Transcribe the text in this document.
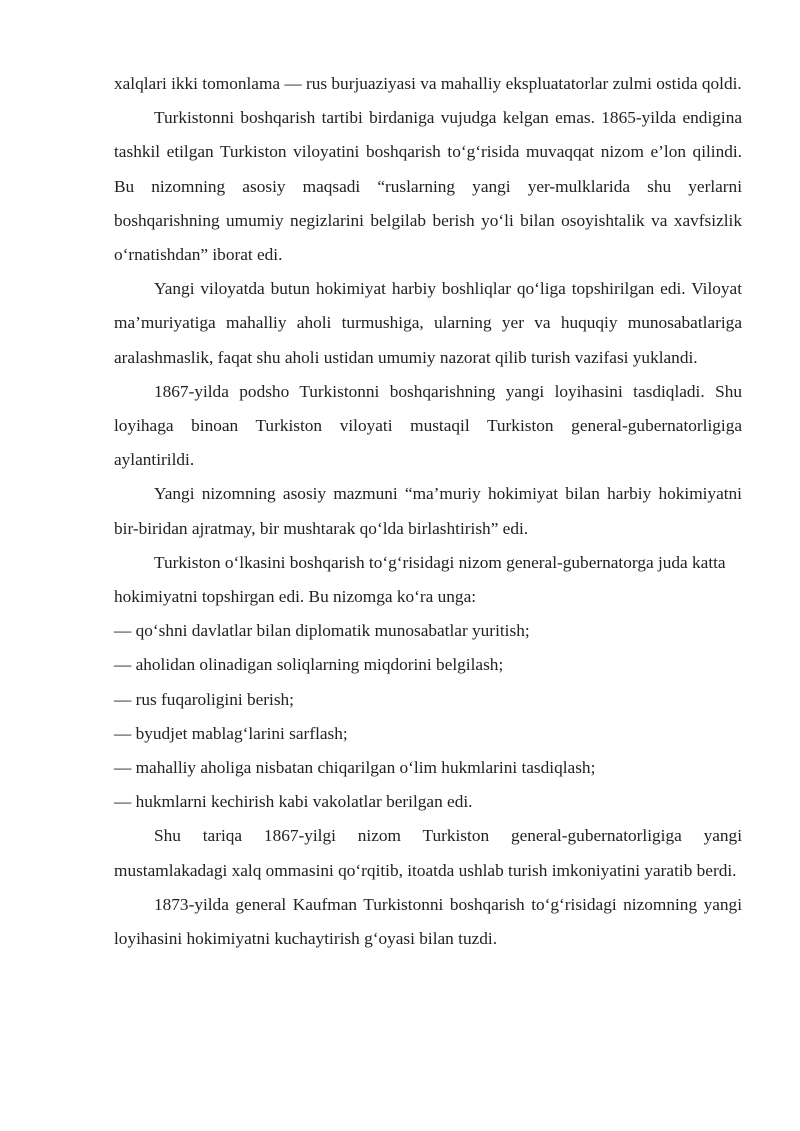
xalqlari ikki tomonlama — rus burjuaziyasi va mahalliy ekspluatatorlar zulmi ostida qoldi.

Turkistonni boshqarish tartibi birdaniga vujudga kelgan emas. 1865-yilda endigina tashkil etilgan Turkiston viloyatini boshqarish to‘g‘risida muvaqqat nizom e’lon qilindi. Bu nizomning asosiy maqsadi “ruslarning yangi yer-mulklarida shu yerlarni boshqarishning umumiy negizlarini belgilab berish yo‘li bilan osoyishtalik va xavfsizlik o‘rnatishdan” iborat edi.

Yangi viloyatda butun hokimiyat harbiy boshliqlar qo‘liga topshirilgan edi. Viloyat ma’muriyatiga mahalliy aholi turmushiga, ularning yer va huquqiy munosabatlariga aralashmaslik, faqat shu aholi ustidan umumiy nazorat qilib turish vazifasi yuklandi.

1867-yilda podsho Turkistonni boshqarishning yangi loyihasini tasdiqladi. Shu loyihaga binoan Turkiston viloyati mustaqil Turkiston general-gubernatorligiga aylantirildi.

Yangi nizomning asosiy mazmuni “ma’muriy hokimiyat bilan harbiy hokimiyatni bir-biridan ajratmay, bir mushtarak qo‘lda birlashtirish” edi.

Turkiston o‘lkasini boshqarish to‘g‘risidagi nizom general-gubernatorga juda katta hokimiyatni topshirgan edi. Bu nizomga ko‘ra unga:

— qo‘shni davlatlar bilan diplomatik munosabatlar yuritish;

— aholidan olinadigan soliqlarning miqdorini belgilash;

— rus fuqaroligini berish;

— byudjet mablag‘larini sarflash;

— mahalliy aholiga nisbatan chiqarilgan o‘lim hukmlarini tasdiqlash;

— hukmlarni kechirish kabi vakolatlar berilgan edi.

Shu tariqa 1867-yilgi nizom Turkiston general-gubernatorligiga yangi mustamlakadagi xalq ommasini qo‘rqitib, itoatda ushlab turish imkoniyatini yaratib berdi.

1873-yilda general Kaufman Turkistonni boshqarish to‘g‘risidagi nizomning yangi loyihasini hokimiyatni kuchaytirish g‘oyasi bilan tuzdi.
